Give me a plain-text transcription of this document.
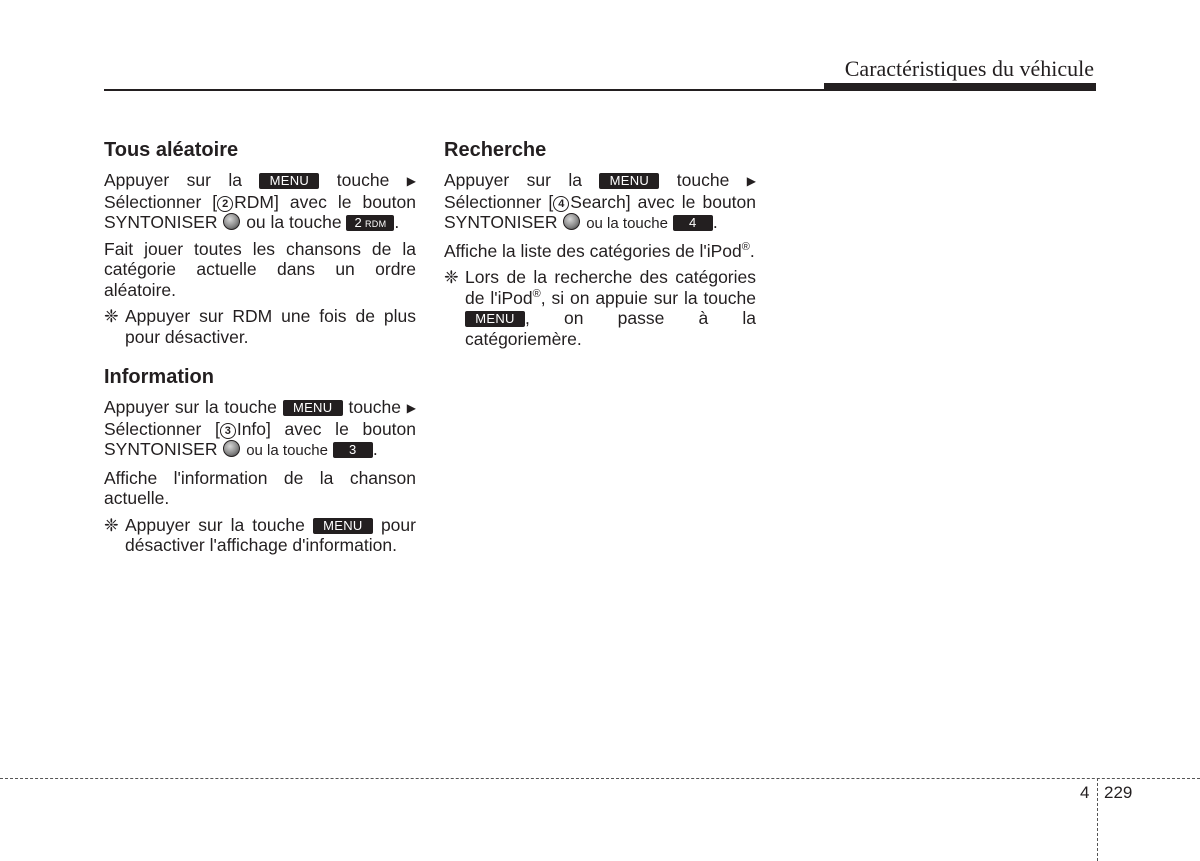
Caractéristiques du véhicule
Tous aléatoire

Appuyer sur la MENU touche ▶ Sélectionner [ 2 RDM] avec le bouton SYNTONISER ou la touche 2 RDM .

Fait jouer toutes les chansons de la catégorie actuelle dans un ordre aléatoire.

❈ Appuyer sur RDM une fois de plus pour désactiver.
Information

Appuyer sur la touche MENU touche ▶ Sélectionner [ 3 Info] avec le bouton SYNTONISER ou la touche 3 .

Affiche l'information de la chanson actuelle.

❈ Appuyer sur la touche MENU pour désactiver l'affichage d'information.
Recherche

Appuyer sur la MENU touche ▶ Sélectionner [ 4 Search] avec le bouton SYNTONISER ou la touche 4 .

Affiche la liste des catégories de l'iPod®.

❈ Lors de la recherche des catégories de l'iPod®, si on appuie sur la touche MENU , on passe à la catégoriemère.
4 229
